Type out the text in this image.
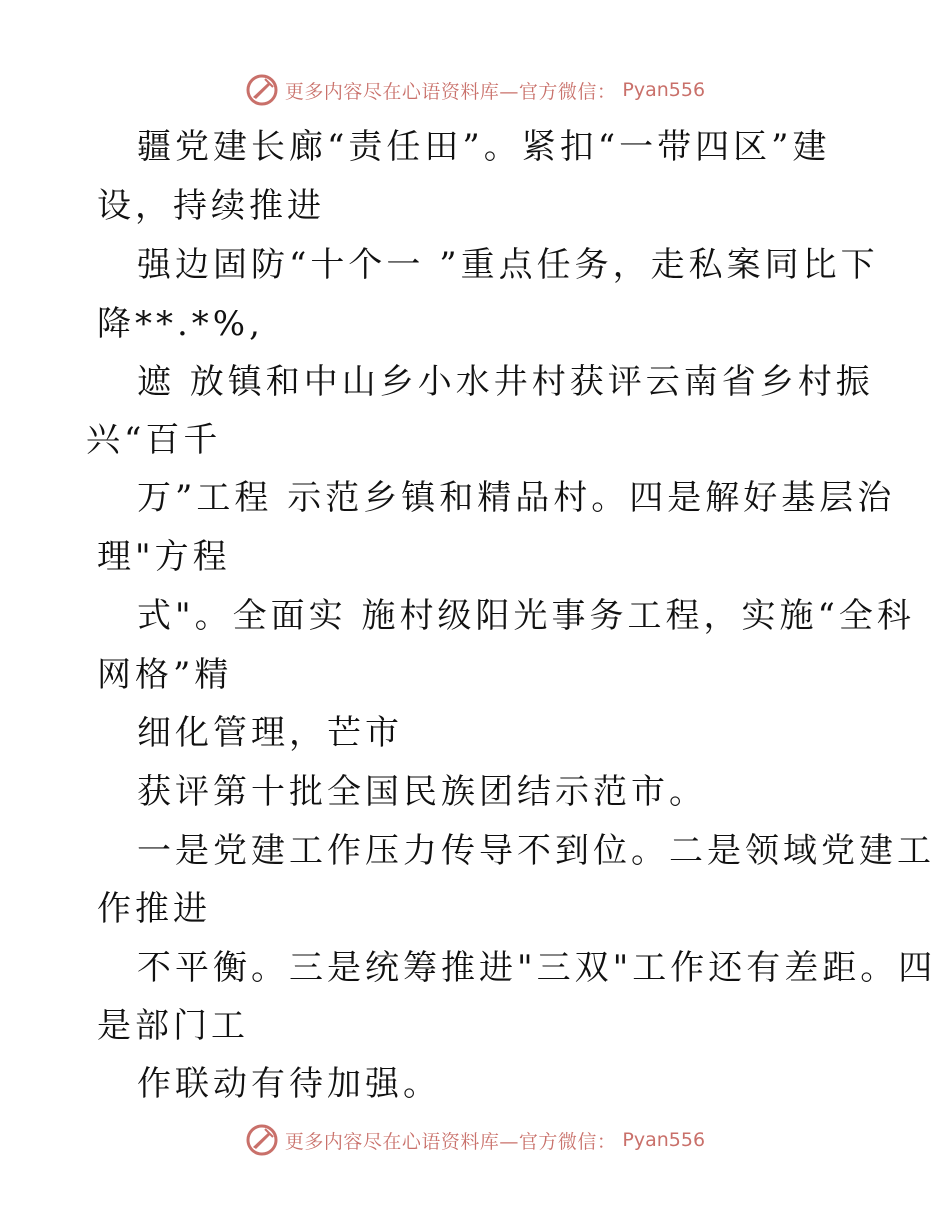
更多内容尽在心语资料库—官方微信： Pyan556
疆党建长廊“责任田”。紧扣“一带四区”建
设，持续推进
强边固防“十个一 ”重点任务，走私案同比下
降**.*%,
遮 放镇和中山乡小水井村获评云南省乡村振
兴“百千
万”工程 示范乡镇和精品村。四是解好基层治
理"方程
式"。全面实 施村级阳光事务工程，实施“全科
网格”精
细化管理，芒市
获评第十批全国民族团结示范市。
一是党建工作压力传导不到位。二是领域党建工
作推进
不平衡。三是统筹推进"三双"工作还有差距。四
是部门工
作联动有待加强。
更多内容尽在心语资料库—官方微信： Pyan556
